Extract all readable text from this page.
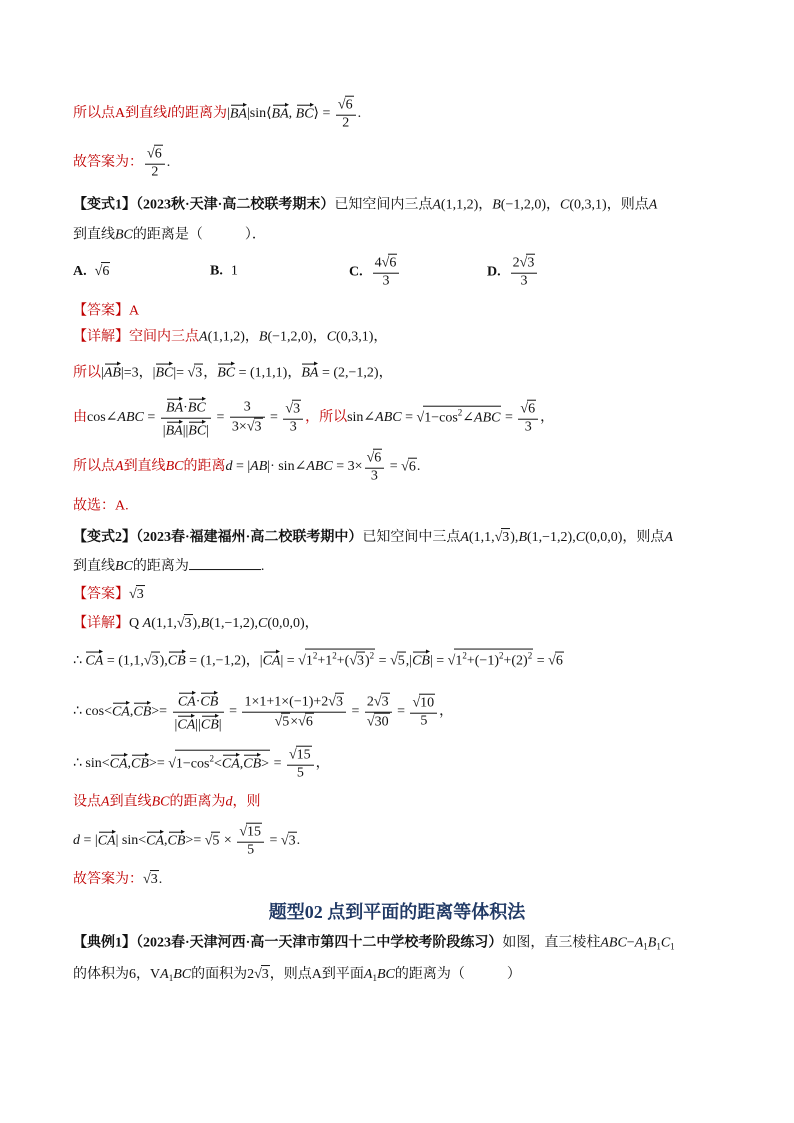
所以点A到直线l的距离为|BA|sin⟨BA, BC⟩ = $\frac{√6}{2}$ .
故答案为： $\frac{√6}{2}$ .
【变式1】（2023秋·天津·高二校联考期末）已知空间内三点A(1,1,2)，B(−1,2,0)，C(0,3,1)，则点A
到直线BC的距离是（　　　）．
A. √6	B. 1	C. $\frac{4√6}{3}$	D. $\frac{2√3}{3}$
【答案】A
【详解】空间内三点A(1,1,2)，B(−1,2,0)，C(0,3,1)，
所以|AB|=3，|BC|= √3，BC = (1,1,1)，BA = (2,−1,2)，
由cos∠ABC = $\frac{BA\cdot BC}{|BA||BC|} = \frac{3}{3\times√3} = \frac{√3}{3}$ ，所以sin∠ABC = $√1-\cos^2\angle ABC = \frac{√6}{3}$ ，
所以点A到直线BC的距离d = |AB|· sin∠ABC = $3\times \frac{√6}{3} = √6$.
故选：A.
【变式2】（2023春·福建福州·高二校联考期中）已知空间中三点A(1,1,√3),B(1,−1,2),C(0,0,0)，则点A
到直线BC的距离为	.
【答案】√3
【详解】Q A(1,1,√3),B(1,−1,2),C(0,0,0)，
∴ CA = (1,1,√3),CB = (1,−1,2)，$|CA| = √1^2+1^2+(√3)^2 = √5,|CB| = √1^2+(-1)^2+(2)^2 = √6$
∴ $\cos<CA,CB>= \frac{CA\cdot CB}{|CA||CB|} = \frac{1\times 1+1\times(-1)+2√3}{√5\times√6} = \frac{2√3}{√30} = \frac{√10}{5}$ ，
∴ $\sin<CA,CB>= √1-\cos^2<CA,CB> = \frac{√15}{5}$ ，
设点A到直线BC的距离为d，则
d = |CA| $\sin<CA,CB>= √5 \times \frac{√15}{5} = √3$.
故答案为：√3.
题型02 点到平面的距离等体积法
【典例1】（2023春·天津河西·高一天津市第四十二中学校考阶段练习）如图，直三棱柱$ABC-A_1B_1C_1$
的体积为6，$VA_1BC$的面积为2√3，则点A到平面$A_1BC$的距离为（　　　）
